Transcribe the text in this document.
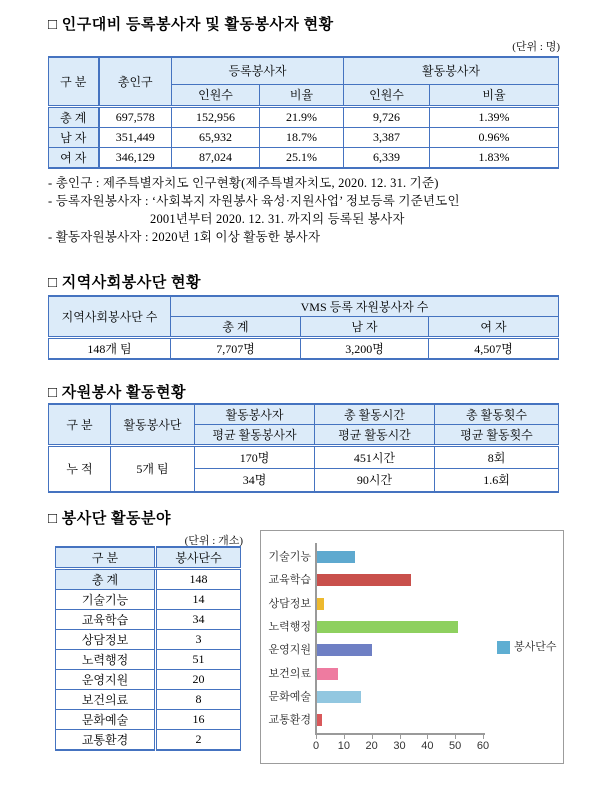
□ 인구대비 등록봉사자 및 활동봉사자 현황
(단위 : 명)
구 분	총인구	등록봉사자		활동봉사자	
		인원수	비율	인원수	비율
총 계	697,578	152,956	21.9%	9,726	1.39%
남 자	351,449	65,932	18.7%	3,387	0.96%
여 자	346,129	87,024	25.1%	6,339	1.83%
- 총인구 : 제주특별자치도 인구현황(제주특별자치도, 2020. 12. 31. 기준)
- 등록자원봉사자 : ‘사회복지 자원봉사 육성·지원사업’ 정보등록 기준년도인
2001년부터 2020. 12. 31. 까지의 등록된 봉사자
- 활동자원봉사자 : 2020년 1회 이상 활동한 봉사자
□ 지역사회봉사단 현황
지역사회봉사단 수	VMS 등록 자원봉사자 수		
	총 계	남 자	여 자
148개 팀	7,707명	3,200명	4,507명
□ 자원봉사 활동현황
구 분	활동봉사단	활동봉사자	총 활동시간	총 활동횟수
		평균 활동봉사자	평균 활동시간	평균 활동횟수
누 적	5개 팀	170명	451시간	8회
		34명	90시간	1.6회
□ 봉사단 활동분야
(단위 : 개소)
구 분	봉사단수
총 계	148
기술기능	14
교육학습	34
상담정보	3
노력행정	51
운영지원	20
보건의료	8
문화예술	16
교통환경	2
기술기능
교육학습
상담정보
노력행정
운영지원
보건의료
문화예술
교통환경
0	10	20	30	40	50	60
봉사단수
